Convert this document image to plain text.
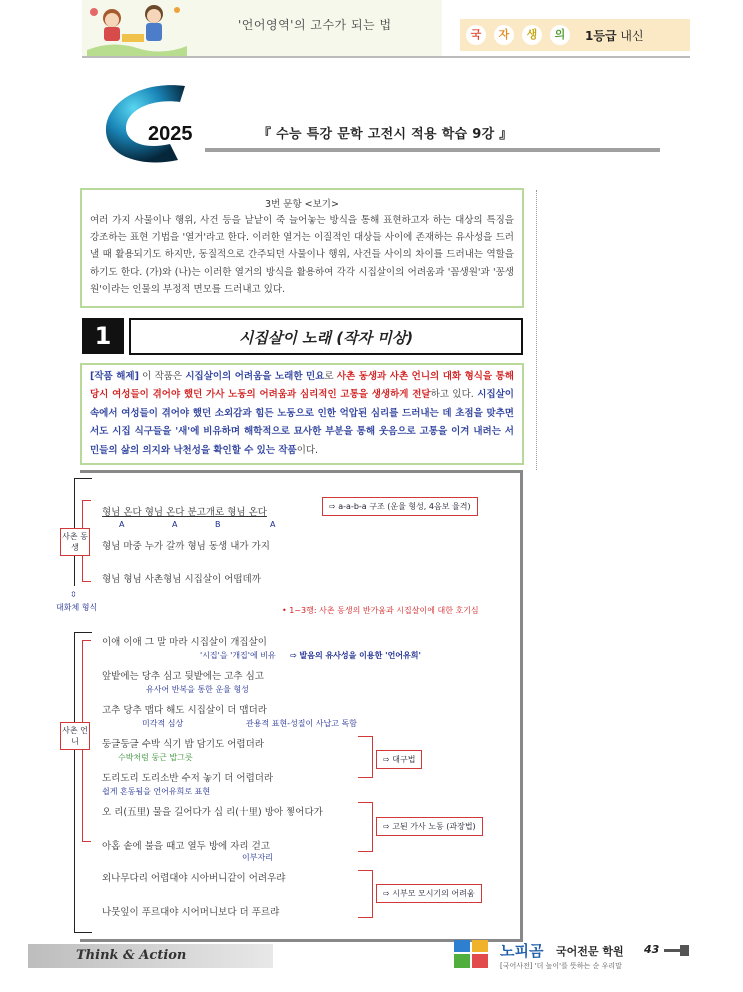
'언어영역'의 고수가 되는 법
국	자	생	의	1등급 내신
2025	『 수능 특강 문학 고전시 적용 학습 9강 』
3번 문항 <보기>
여러 가지 사물이나 행위, 사건 등을 낱낱이 죽 늘어놓는 방식을 통해 표현하고자 하는 대상의 특징을 강조하는 표현 기법을 '열거'라고 한다. 이러한 열거는 이질적인 대상들 사이에 존재하는 유사성을 드러낼 때 활용되기도 하지만, 동질적으로 간주되던 사물이나 행위, 사건들 사이의 차이를 드러내는 역할을 하기도 한다. (가)와 (나)는 이러한 열거의 방식을 활용하여 각각 시집살이의 어려움과 '꼼생원'과 '꽁생원'이라는 인물의 부정적 면모를 드러내고 있다.
1	시집살이 노래 (작자 미상)
[작품 해제] 이 작품은 시집살이의 어려움을 노래한 민요로 사촌 동생과 사촌 언니의 대화 형식을 통해 당시 여성들이 겪어야 했던 가사 노동의 어려움과 심리적인 고통을 생생하게 전달하고 있다. 시집살이 속에서 여성들이 겪어야 했던 소외감과 힘든 노동으로 인한 억압된 심리를 드러내는 데 초점을 맞추면서도 시집 식구들을 '새'에 비유하며 해학적으로 묘사한 부분을 통해 웃음으로 고통을 이겨 내려는 서민들의 삶의 의지와 낙천성을 확인할 수 있는 작품이다.
형님 온다 형님 온다 분고개로 형님 온다
A	A	B	A
형님 마중 누가 갈까 형님 동생 내가 가지
형님 형님 사촌형님 시집살이 어떱데까
이애 이애 그 말 마라 시집살이 개집살이
앞밭에는 당추 심고 뒷밭에는 고추 심고
고추 당추 맵다 해도 시집살이 더 맵더라
둥글둥글 수박 식기 밥 담기도 어렵더라
도리도리 도리소반 수저 놓기 더 어렵더라
오 리(五里) 물을 길어다가 십 리(十里) 방아 찧어다가
아홉 솥에 불을 때고 열두 방에 자리 걷고
외나무다리 어렵대야 시아버니같이 어려우랴
나뭇잎이 푸르대야 시어머니보다 더 푸르랴
⇨ a-a-b-a 구조 (운율 형성, 4음보 율격)
• 1~3행: 사촌 동생의 반가움과 시집살이에 대한 호기심
'시집'을 '개집'에 비유 ⇨ 발음의 유사성을 이용한 '언어유희'
유사어 반복을 통한 운율 형성
미각적 심상	관용적 표현-성질이 사납고 독함
수박처럼 둥근 밥그릇
쉽게 혼동됨을 언어유희로 표현
이부자리
⇨ 대구법
⇨ 고된 가사 노동 (과장법)
⇨ 시부모 모시기의 어려움
사촌 동생
⇳
대화체 형식
사촌 언니
Think & Action	노피곰 국어전문 학원
[국어사전] '더 높이'를 뜻하는 순 우리말
43
